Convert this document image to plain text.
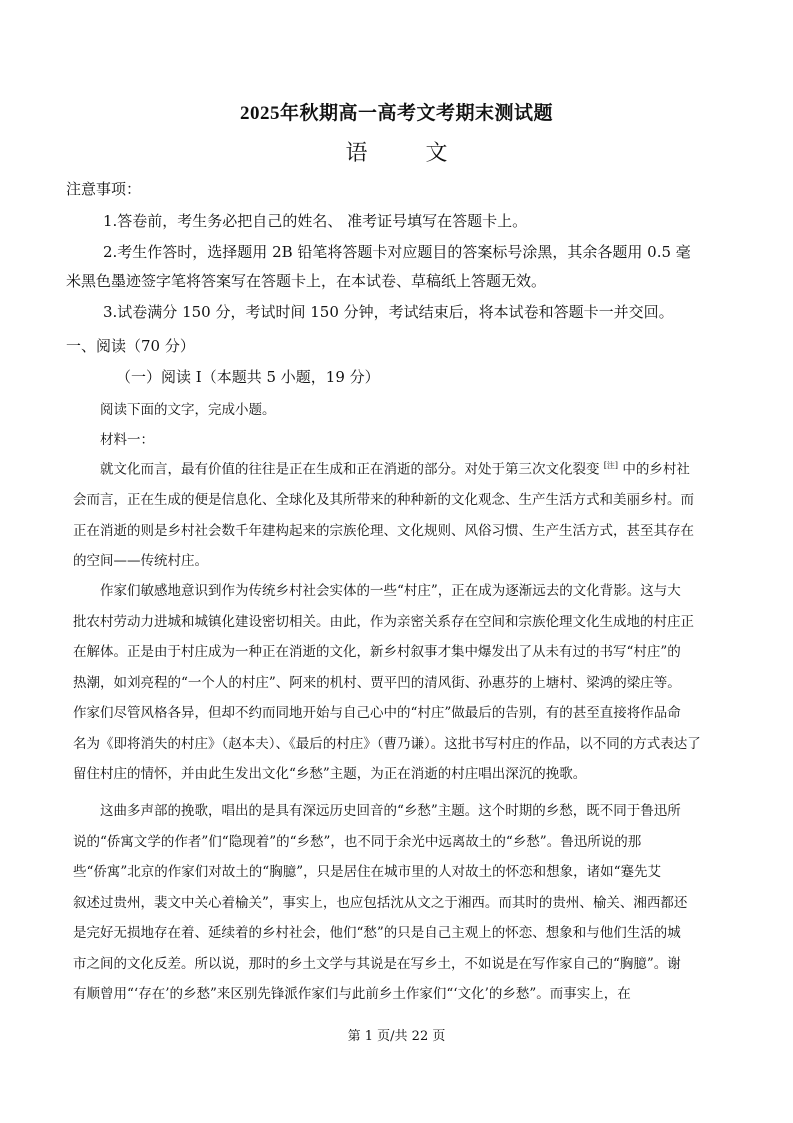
2025年秋期高一高考文考期末测试题
语　文
注意事项：
1.答卷前，考生务必把自己的姓名、 准考证号填写在答题卡上。
2.考生作答时，选择题用 2B 铅笔将答题卡对应题目的答案标号涂黑，其余各题用 0.5 毫
米黑色墨迹签字笔将答案写在答题卡上，在本试卷、草稿纸上答题无效。
3.试卷满分 150 分，考试时间 150 分钟，考试结束后，将本试卷和答题卡一并交回。
一、阅读（70 分）
（一）阅读 I（本题共 5 小题，19 分）
阅读下面的文字，完成小题。
材料一：
就文化而言，最有价值的往往是正在生成和正在消逝的部分。对处于第三次文化裂变 [注] 中的乡村社
会而言，正在生成的便是信息化、全球化及其所带来的种种新的文化观念、生产生活方式和美丽乡村。而
正在消逝的则是乡村社会数千年建构起来的宗族伦理、文化规则、风俗习惯、生产生活方式，甚至其存在
的空间——传统村庄。
作家们敏感地意识到作为传统乡村社会实体的一些“村庄”，正在成为逐渐远去的文化背影。这与大
批农村劳动力进城和城镇化建设密切相关。由此，作为亲密关系存在空间和宗族伦理文化生成地的村庄正
在解体。正是由于村庄成为一种正在消逝的文化，新乡村叙事才集中爆发出了从未有过的书写“村庄”的
热潮，如刘亮程的“一个人的村庄”、阿来的机村、贾平凹的清风街、孙惠芬的上塘村、梁鸿的梁庄等。
作家们尽管风格各异，但却不约而同地开始与自己心中的“村庄”做最后的告别，有的甚至直接将作品命
名为《即将消失的村庄》（赵本夫）、《最后的村庄》（曹乃谦）。这批书写村庄的作品，以不同的方式表达了
留住村庄的情怀，并由此生发出文化“乡愁”主题，为正在消逝的村庄唱出深沉的挽歌。
这曲多声部的挽歌，唱出的是具有深远历史回音的“乡愁”主题。这个时期的乡愁，既不同于鲁迅所
说的“侨寓文学的作者”们“隐现着”的“乡愁”，也不同于余光中远离故土的“乡愁”。鲁迅所说的那
些“侨寓”北京的作家们对故土的“胸臆”，只是居住在城市里的人对故土的怀恋和想象，诸如“蹇先艾
叙述过贵州，裴文中关心着榆关”，事实上，也应包括沈从文之于湘西。而其时的贵州、榆关、湘西都还
是完好无损地存在着、延续着的乡村社会，他们“愁”的只是自己主观上的怀恋、想象和与他们生活的城
市之间的文化反差。所以说，那时的乡土文学与其说是在写乡土，不如说是在写作家自己的“胸臆”。谢
有顺曾用“‘存在’的乡愁”来区别先锋派作家们与此前乡土作家们“‘文化’的乡愁”。而事实上，在
第 1 页/共 22 页
